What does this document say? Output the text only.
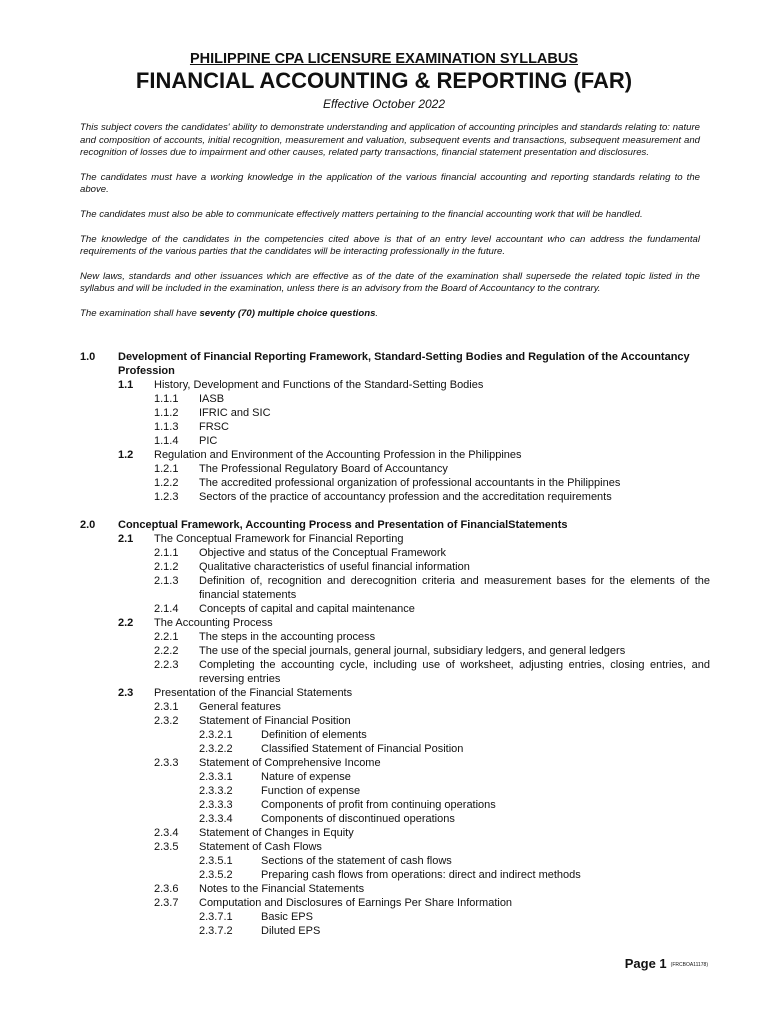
PHILIPPINE CPA LICENSURE EXAMINATION SYLLABUS
FINANCIAL ACCOUNTING & REPORTING (FAR)
Effective October 2022

This subject covers the candidates' ability to demonstrate understanding and application of accounting principles and standards relating to: nature and composition of accounts, initial recognition, measurement and valuation, subsequent events and transactions, subsequent measurement and recognition of losses due to impairment and other causes, related party transactions, financial statement presentation and disclosures.

The candidates must have a working knowledge in the application of the various financial accounting and reporting standards relating to the above.

The candidates must also be able to communicate effectively matters pertaining to the financial accounting work that will be handled.

The knowledge of the candidates in the competencies cited above is that of an entry level accountant who can address the fundamental requirements of the various parties that the candidates will be interacting professionally in the future.

New laws, standards and other issuances which are effective as of the date of the examination shall supersede the related topic listed in the syllabus and will be included in the examination, unless there is an advisory from the Board of Accountancy to the contrary.

The examination shall have seventy (70) multiple choice questions.

1.0 Development of Financial Reporting Framework, Standard-Setting Bodies and Regulation of the Accountancy Profession
1.1 History, Development and Functions of the Standard-Setting Bodies
1.1.1 IASB
1.1.2 IFRIC and SIC
1.1.3 FRSC
1.1.4 PIC
1.2 Regulation and Environment of the Accounting Profession in the Philippines
1.2.1 The Professional Regulatory Board of Accountancy
1.2.2 The accredited professional organization of professional accountants in the Philippines
1.2.3 Sectors of the practice of accountancy profession and the accreditation requirements
2.0 Conceptual Framework, Accounting Process and Presentation of FinancialStatements
2.1 The Conceptual Framework for Financial Reporting
2.1.1 Objective and status of the Conceptual Framework
2.1.2 Qualitative characteristics of useful financial information
2.1.3 Definition of, recognition and derecognition criteria and measurement bases for the elements of the financial statements
2.1.4 Concepts of capital and capital maintenance
2.2 The Accounting Process
2.2.1 The steps in the accounting process
2.2.2 The use of the special journals, general journal, subsidiary ledgers, and general ledgers
2.2.3 Completing the accounting cycle, including use of worksheet, adjusting entries, closing entries, and reversing entries
2.3 Presentation of the Financial Statements
2.3.1 General features
2.3.2 Statement of Financial Position
2.3.2.1	Definition of elements
2.3.2.2	Classified Statement of Financial Position
2.3.3 Statement of Comprehensive Income
2.3.3.1	Nature of expense
2.3.3.2	Function of expense
2.3.3.3	Components of profit from continuing operations
2.3.3.4	Components of discontinued operations
2.3.4 Statement of Changes in Equity
2.3.5 Statement of Cash Flows
2.3.5.1	Sections of the statement of cash flows
2.3.5.2	Preparing cash flows from operations: direct and indirect methods
2.3.6 Notes to the Financial Statements
2.3.7 Computation and Disclosures of Earnings Per Share Information
2.3.7.1	Basic EPS
2.3.7.2	Diluted EPS
Page 1 (FRCBOA11178)
